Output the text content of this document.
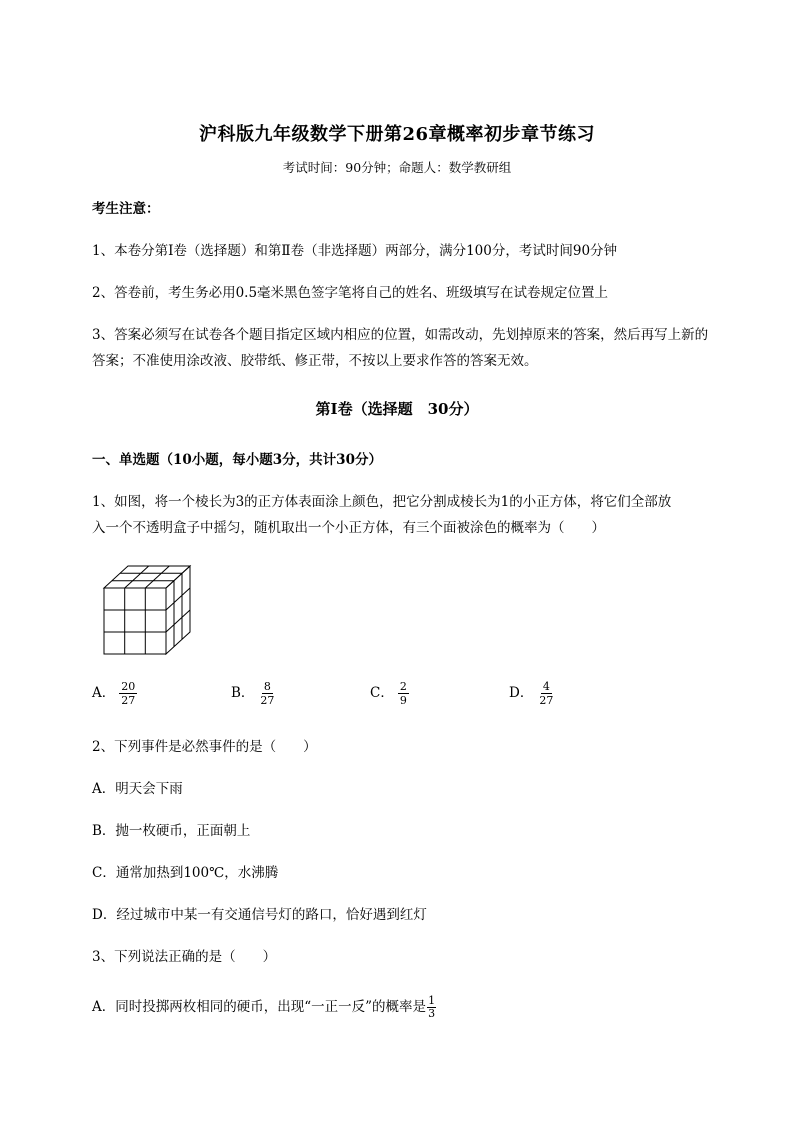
沪科版九年级数学下册第26章概率初步章节练习
考试时间：90分钟；命题人：数学教研组
考生注意：
1、本卷分第I卷（选择题）和第Ⅱ卷（非选择题）两部分，满分100分，考试时间90分钟
2、答卷前，考生务必用0.5毫米黑色签字笔将自己的姓名、班级填写在试卷规定位置上
3、答案必须写在试卷各个题目指定区域内相应的位置，如需改动，先划掉原来的答案，然后再写上新的答案；不准使用涂改液、胶带纸、修正带，不按以上要求作答的答案无效。
第I卷（选择题　30分）
一、单选题（10小题，每小题3分，共计30分）
1、如图，将一个棱长为3的正方体表面涂上颜色，把它分割成棱长为1的小正方体，将它们全部放
入一个不透明盒子中摇匀，随机取出一个小正方体，有三个面被涂色的概率为（　　）
A． $\frac{20}{27}$	B． $\frac{8}{27}$	C． $\frac{2}{9}$	D． $\frac{4}{27}$
2、下列事件是必然事件的是（　　）
A．明天会下雨
B．抛一枚硬币，正面朝上
C．通常加热到100℃，水沸腾
D．经过城市中某一有交通信号灯的路口，恰好遇到红灯
3、下列说法正确的是（　　）
A．同时投掷两枚相同的硬币，出现“一正一反”的概率是 $\frac{1}{3}$
